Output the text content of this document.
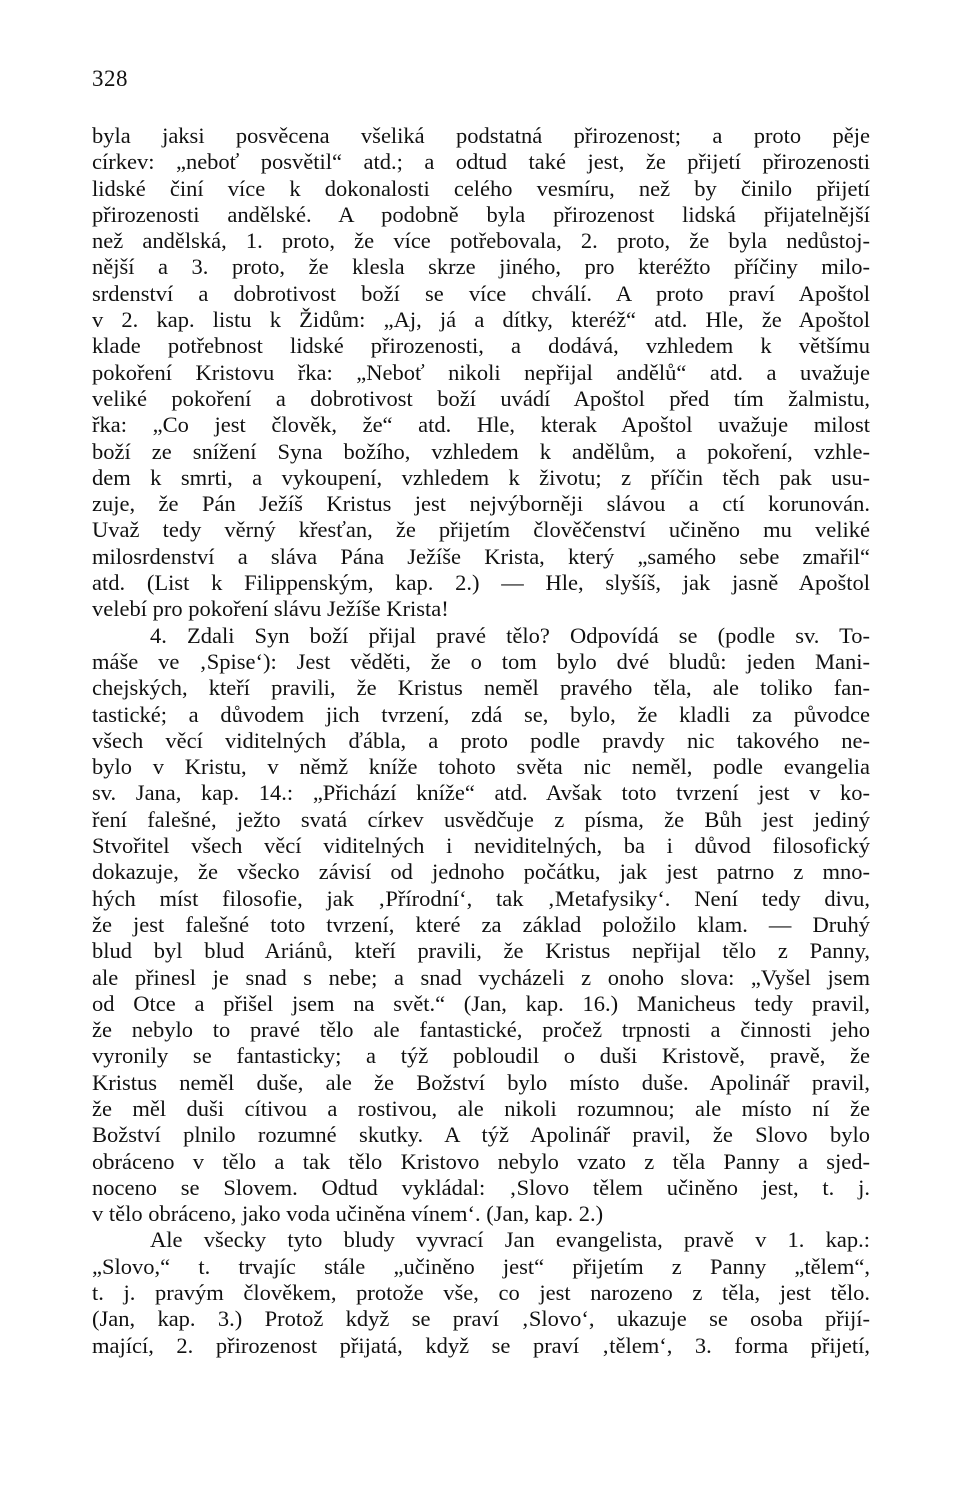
328
byla jaksi posvěcena všeliká podstatná přirozenost; a proto pěje
církev: „neboť posvětil“ atd.; a odtud také jest, že přijetí přirozenosti
lidské činí více k dokonalosti celého vesmíru, než by činilo přijetí
přirozenosti andělské. A podobně byla přirozenost lidská přijatelnější
než andělská, 1. proto, že více potřebovala, 2. proto, že byla nedůstoj-
nější a 3. proto, že klesla skrze jiného, pro kteréžto příčiny milo-
srdenství a dobrotivost boží se více chválí. A proto praví Apoštol
v 2. kap. listu k Židům: „Aj, já a dítky, kteréž“ atd. Hle, že Apoštol
klade potřebnost lidské přirozenosti, a dodává, vzhledem k většímu
pokoření Kristovu řka: „Neboť nikoli nepřijal andělů“ atd. a uvažuje
veliké pokoření a dobrotivost boží uvádí Apoštol před tím žalmistu,
řka: „Co jest člověk, že“ atd. Hle, kterak Apoštol uvažuje milost
boží ze snížení Syna božího, vzhledem k andělům, a pokoření, vzhle-
dem k smrti, a vykoupení, vzhledem k životu; z příčin těch pak usu-
zuje, že Pán Ježíš Kristus jest nejvýborněji slávou a ctí korunován.
Uvaž tedy věrný křesťan, že přijetím člověčenství učiněno mu veliké
milosrdenství a sláva Pána Ježíše Krista, který „samého sebe zmařil“
atd. (List k Filippenským, kap. 2.) — Hle, slyšíš, jak jasně Apoštol
velebí pro pokoření slávu Ježíše Krista!
4. Zdali Syn boží přijal pravé tělo? Odpovídá se (podle sv. To-
máše ve ‚Spise‘): Jest věděti, že o tom bylo dvé bludů: jeden Mani-
chejských, kteří pravili, že Kristus neměl pravého těla, ale toliko fan-
tastické; a důvodem jich tvrzení, zdá se, bylo, že kladli za původce
všech věcí viditelných ďábla, a proto podle pravdy nic takového ne-
bylo v Kristu, v němž kníže tohoto světa nic neměl, podle evangelia
sv. Jana, kap. 14.: „Přichází kníže“ atd. Avšak toto tvrzení jest v ko-
ření falešné, ježto svatá církev usvědčuje z písma, že Bůh jest jediný
Stvořitel všech věcí viditelných i neviditelných, ba i důvod filosofický
dokazuje, že všecko závisí od jednoho počátku, jak jest patrno z mno-
hých míst filosofie, jak ‚Přírodní‘, tak ‚Metafysiky‘. Není tedy divu,
že jest falešné toto tvrzení, které za základ položilo klam. — Druhý
blud byl blud Ariánů, kteří pravili, že Kristus nepřijal tělo z Panny,
ale přinesl je snad s nebe; a snad vycházeli z onoho slova: „Vyšel jsem
od Otce a přišel jsem na svět.“ (Jan, kap. 16.) Manicheus tedy pravil,
že nebylo to pravé tělo ale fantastické, pročež trpnosti a činnosti jeho
vyronily se fantasticky; a týž pobloudil o duši Kristově, pravě, že
Kristus neměl duše, ale že Božství bylo místo duše. Apolinář pravil,
že měl duši cítivou a rostivou, ale nikoli rozumnou; ale místo ní že
Božství plnilo rozumné skutky. A týž Apolinář pravil, že Slovo bylo
obráceno v tělo a tak tělo Kristovo nebylo vzato z těla Panny a sjed-
noceno se Slovem. Odtud vykládal: ‚Slovo tělem učiněno jest, t. j.
v tělo obráceno, jako voda učiněna vínem‘. (Jan, kap. 2.)
Ale všecky tyto bludy vyvrací Jan evangelista, pravě v 1. kap.:
„Slovo,“ t. trvajíc stále „učiněno jest“ přijetím z Panny „tělem“,
t. j. pravým člověkem, protože vše, co jest narozeno z těla, jest tělo.
(Jan, kap. 3.) Protož když se praví ‚Slovo‘, ukazuje se osoba přijí-
mající, 2. přirozenost přijatá, když se praví ‚tělem‘, 3. forma přijetí,
